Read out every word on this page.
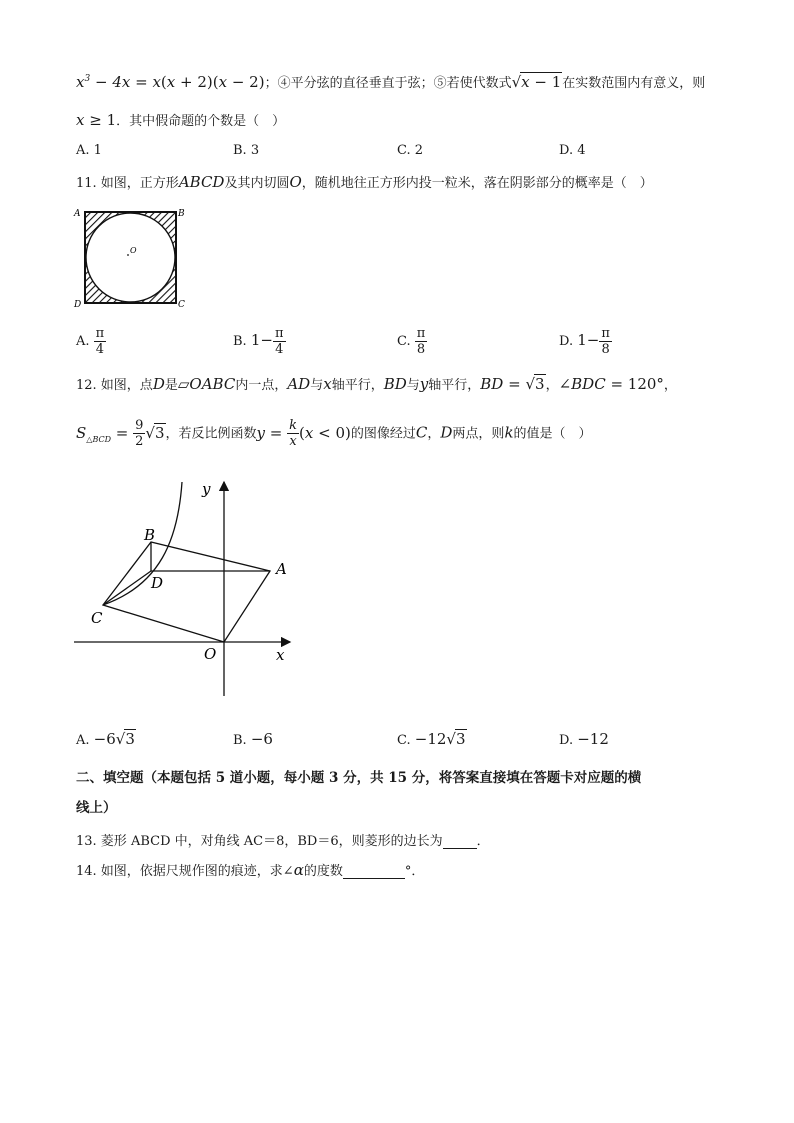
$x^3 - 4x = x(x + 2)(x - 2)$；④平分弦的直径垂直于弦；⑤若使代数式√x − 1在实数范围内有意义，则
x ≥ 1．其中假命题的个数是（　）
A. 1	B. 3	C. 2	D. 4
11. 如图，正方形ABCD及其内切圆O，随机地往正方形内投一粒米，落在阴影部分的概率是（　）
A	B
C
D
O
A. $\frac{\pi}{4}$	B. $1- \frac{\pi}{4}$	C. $\frac{\pi}{8}$	D. $1- \frac{\pi}{8}$
12. 如图，点D是▱OABC内一点，AD与x轴平行，BD与y轴平行，BD = √3，∠BDC = 120°，
$S_{\triangle BCD} = \frac{9}{2} √3$，若反比例函数$y = \frac{k}{x} (x < 0)$的图像经过C，D两点，则k的值是（　）
y
x
O
A
B
C
D
A. −6√3	B. −6	C. −12√3	D. −12
二、填空题（本题包括 5 道小题，每小题 3 分，共 15 分，将答案直接填在答题卡对应题的横
线上）
13. 菱形 ABCD 中，对角线 AC＝8，BD＝6，则菱形的边长为	．
14. 如图，依据尺规作图的痕迹，求∠α的度数	°．
